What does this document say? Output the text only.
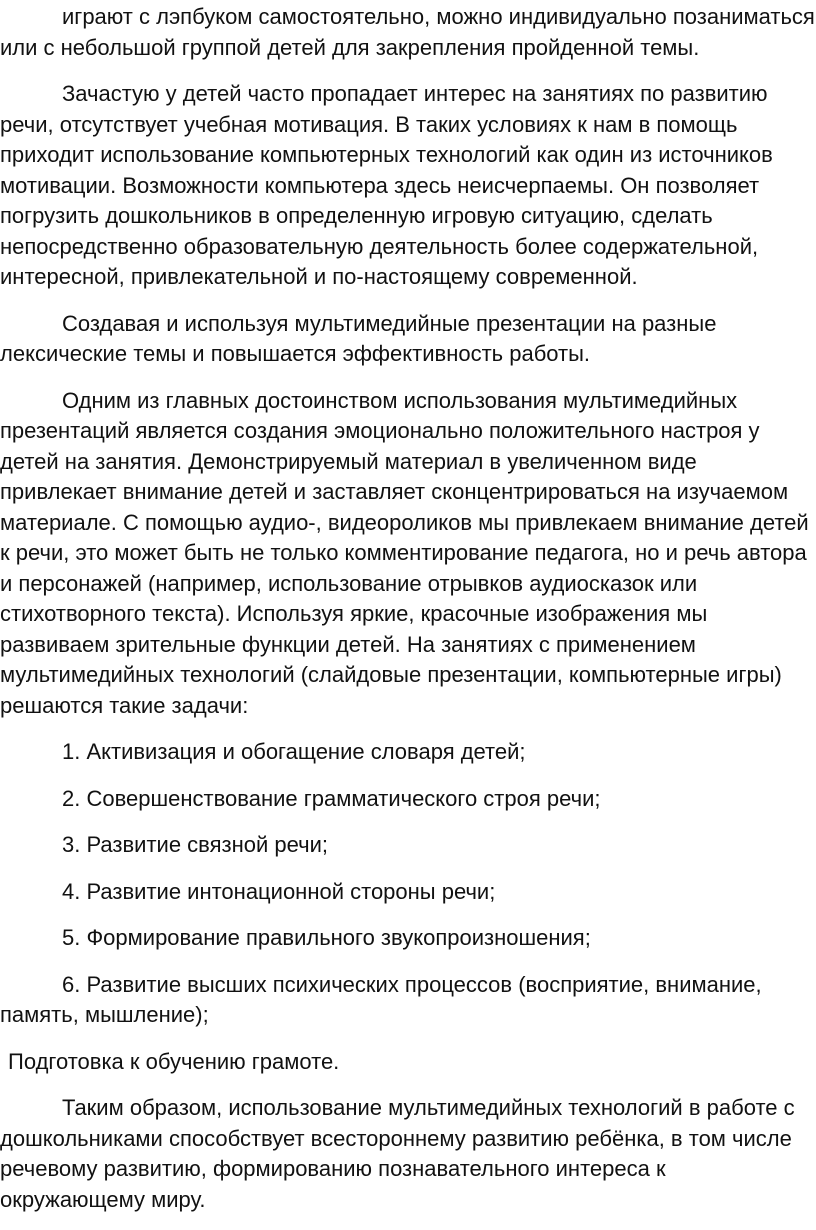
играют с лэпбуком самостоятельно, можно индивидуально позаниматься или с небольшой группой детей для закрепления пройденной темы.

Зачастую у детей часто пропадает интерес на занятиях по развитию речи, отсутствует учебная мотивация. В таких условиях к нам в помощь приходит использование компьютерных технологий как один из источников мотивации. Возможности компьютера здесь неисчерпаемы. Он позволяет погрузить дошкольников в определенную игровую ситуацию, сделать непосредственно образовательную деятельность более содержательной, интересной, привлекательной и по-настоящему современной.

Создавая и используя мультимедийные презентации на разные лексические темы и повышается эффективность работы.

Одним из главных достоинством использования мультимедийных презентаций является создания эмоционально положительного настроя у детей на занятия. Демонстрируемый материал в увеличенном виде привлекает внимание детей и заставляет сконцентрироваться на изучаемом материале. С помощью аудио-, видеороликов мы привлекаем внимание детей к речи, это может быть не только комментирование педагога, но и речь автора и персонажей (например, использование отрывков аудиосказок или стихотворного текста). Используя яркие, красочные изображения мы развиваем зрительные функции детей. На занятиях с применением мультимедийных технологий (слайдовые презентации, компьютерные игры) решаются такие задачи:

1. Активизация и обогащение словаря детей;

2. Совершенствование грамматического строя речи;

3. Развитие связной речи;

4. Развитие интонационной стороны речи;

5. Формирование правильного звукопроизношения;

6. Развитие высших психических процессов (восприятие, внимание, память, мышление);

Подготовка к обучению грамоте.

Таким образом, использование мультимедийных технологий в работе с дошкольниками способствует всестороннему развитию ребёнка, в том числе речевому развитию, формированию познавательного интереса к окружающему миру.
